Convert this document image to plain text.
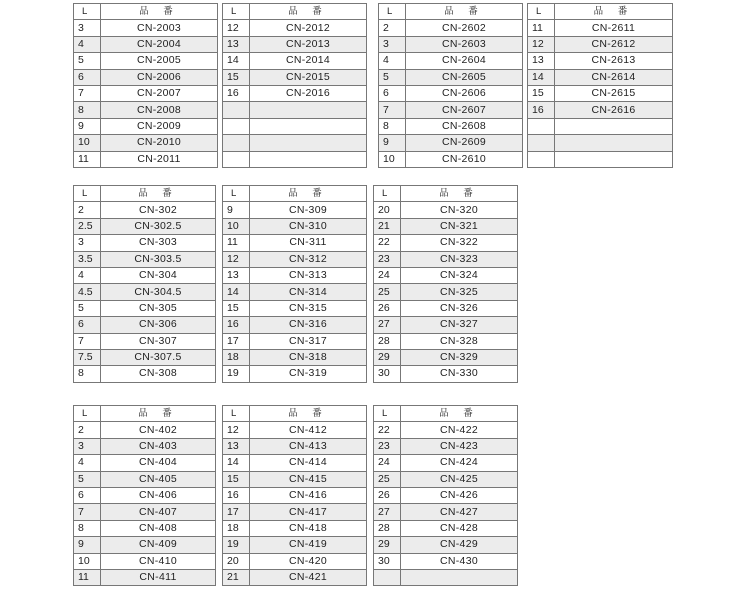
L	品 番
3	CN-2003
4	CN-2004
5	CN-2005
6	CN-2006
7	CN-2007
8	CN-2008
9	CN-2009
10	CN-2010
11	CN-2011
L	品 番
12	CN-2012
13	CN-2013
14	CN-2014
15	CN-2015
16	CN-2016

L	品 番
2	CN-2602
3	CN-2603
4	CN-2604
5	CN-2605
6	CN-2606
7	CN-2607
8	CN-2608
9	CN-2609
10	CN-2610
L	品 番
11	CN-2611
12	CN-2612
13	CN-2613
14	CN-2614
15	CN-2615
16	CN-2616

L	品 番
2	CN-302
2.5	CN-302.5
3	CN-303
3.5	CN-303.5
4	CN-304
4.5	CN-304.5
5	CN-305
6	CN-306
7	CN-307
7.5	CN-307.5
8	CN-308
L	品 番
9	CN-309
10	CN-310
11	CN-311
12	CN-312
13	CN-313
14	CN-314
15	CN-315
16	CN-316
17	CN-317
18	CN-318
19	CN-319
L	品 番
20	CN-320
21	CN-321
22	CN-322
23	CN-323
24	CN-324
25	CN-325
26	CN-326
27	CN-327
28	CN-328
29	CN-329
30	CN-330
L	品 番
2	CN-402
3	CN-403
4	CN-404
5	CN-405
6	CN-406
7	CN-407
8	CN-408
9	CN-409
10	CN-410
11	CN-411
L	品 番
12	CN-412
13	CN-413
14	CN-414
15	CN-415
16	CN-416
17	CN-417
18	CN-418
19	CN-419
20	CN-420
21	CN-421
L	品 番
22	CN-422
23	CN-423
24	CN-424
25	CN-425
26	CN-426
27	CN-427
28	CN-428
29	CN-429
30	CN-430
